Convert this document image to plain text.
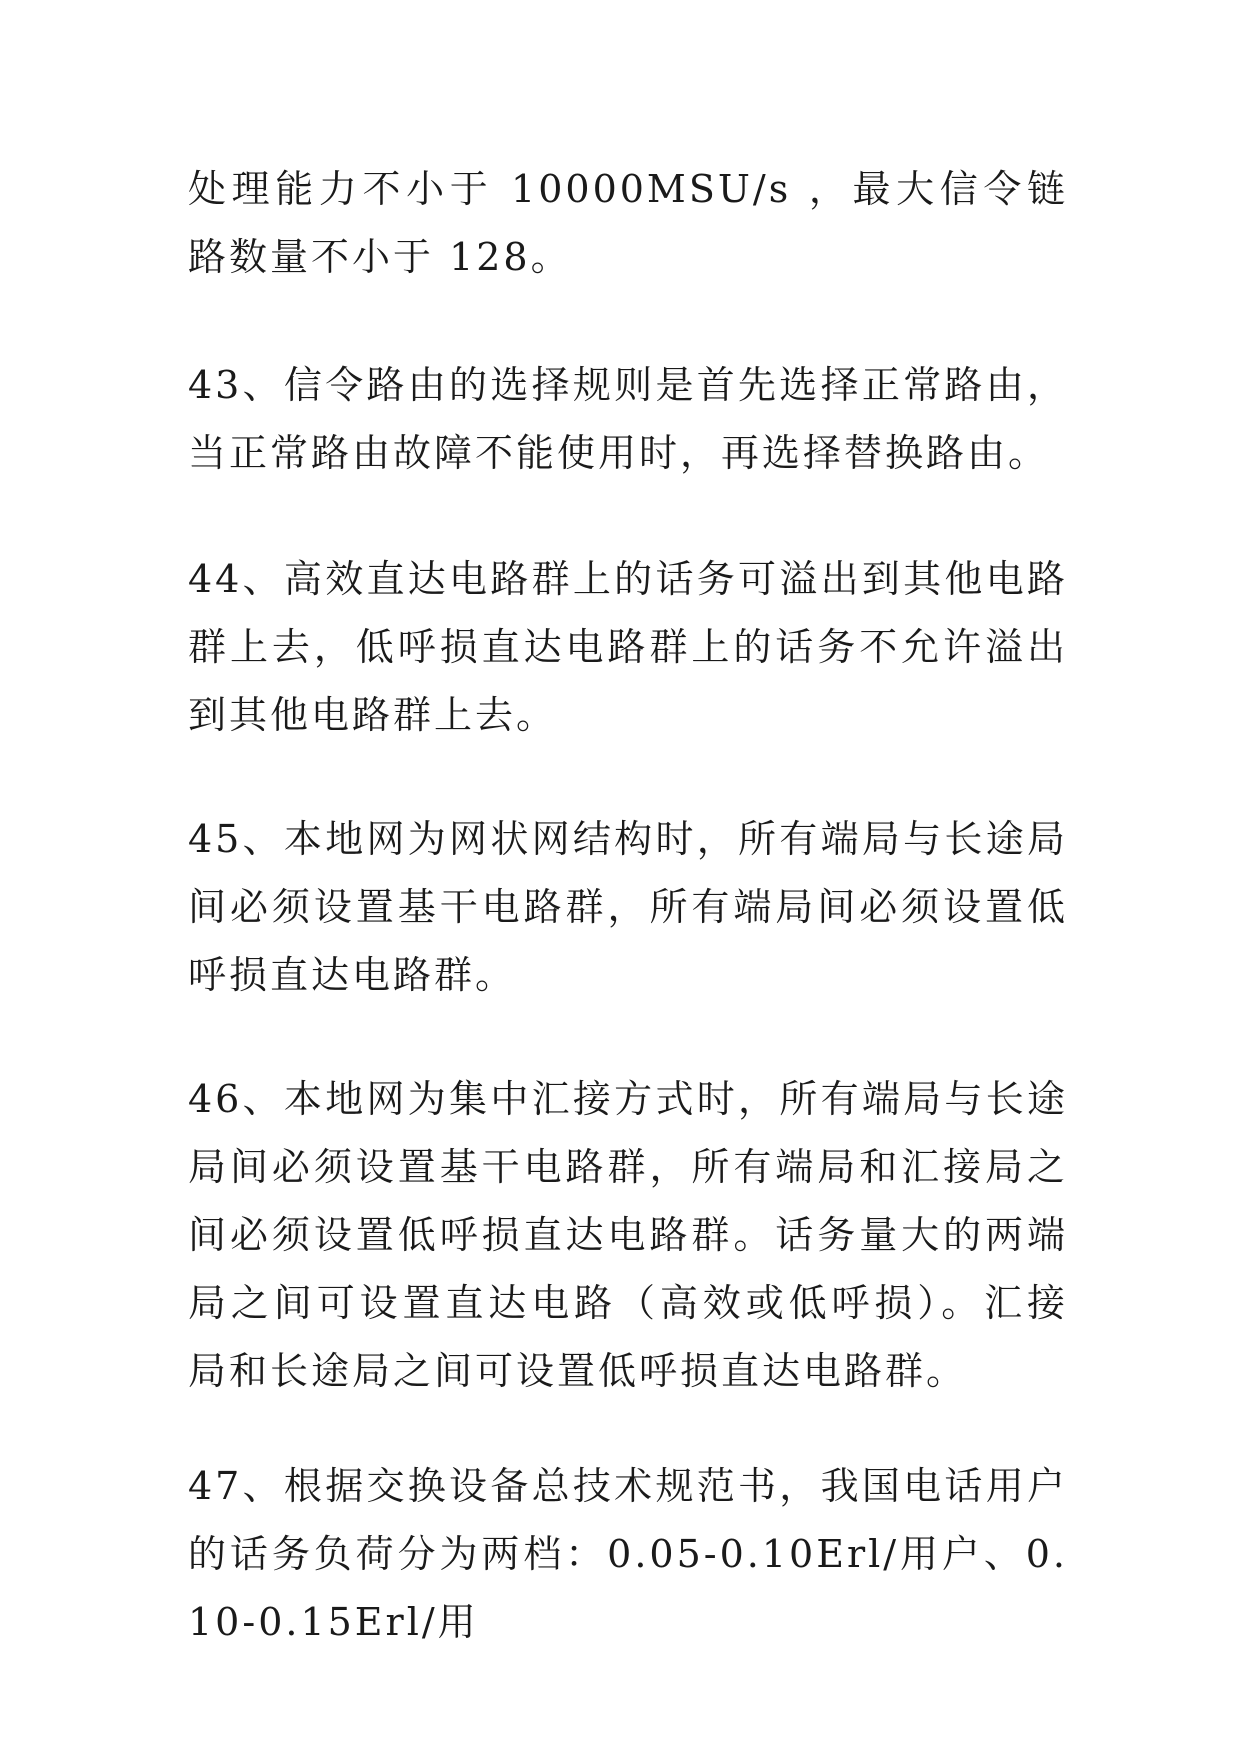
处理能力不小于 10000MSU/s ，最大信令链路数量不小于 128。

43、信令路由的选择规则是首先选择正常路由，当正常路由故障不能使用时，再选择替换路由。

44、高效直达电路群上的话务可溢出到其他电路群上去，低呼损直达电路群上的话务不允许溢出到其他电路群上去。

45、本地网为网状网结构时，所有端局与长途局间必须设置基干电路群，所有端局间必须设置低呼损直达电路群。

46、本地网为集中汇接方式时，所有端局与长途局间必须设置基干电路群，所有端局和汇接局之间必须设置低呼损直达电路群。话务量大的两端局之间可设置直达电路（高效或低呼损）。汇接局和长途局之间可设置低呼损直达电路群。

47、根据交换设备总技术规范书，我国电话用户的话务负荷分为两档：0.05-0.10Erl/用户、0.10-0.15Erl/用
